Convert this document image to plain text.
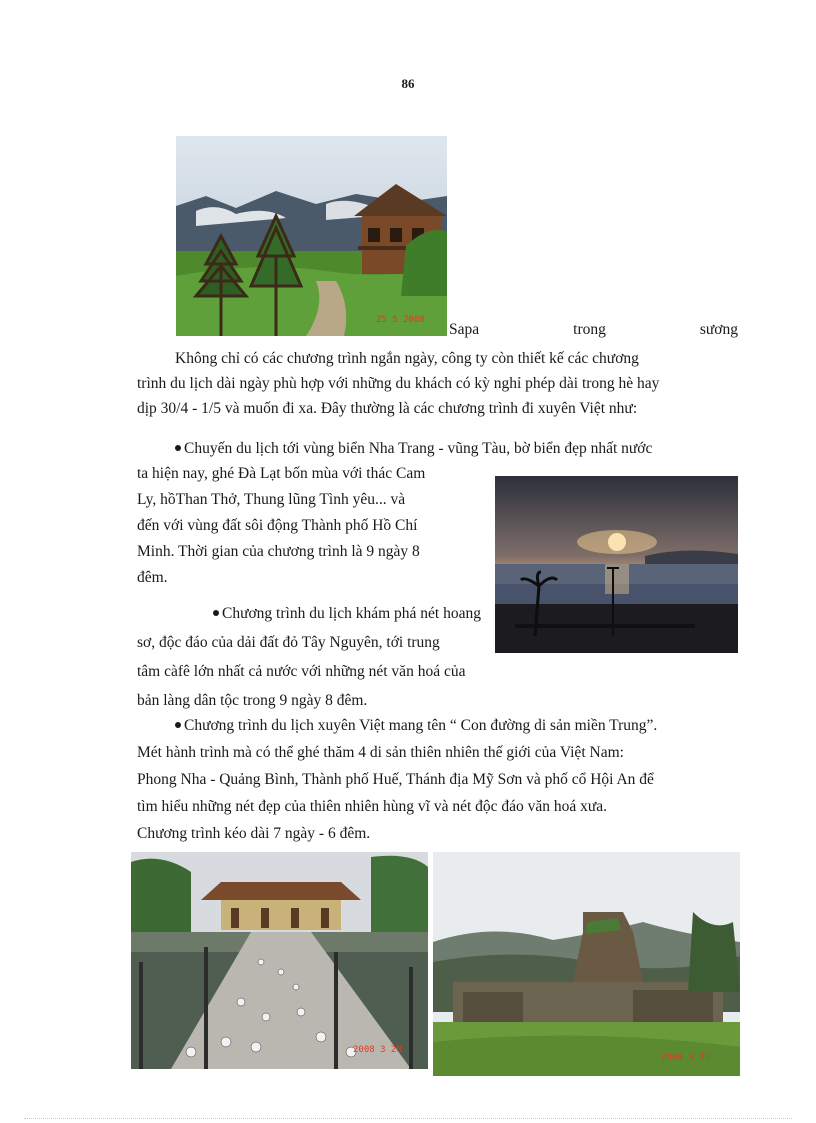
86
25 5 2008
Sapa	trong	sương
Không chỉ có các chương trình ngắn ngày, công ty còn thiết kế các chương
trình du lịch dài ngày phù hợp với những du khách có kỳ nghỉ phép dài trong hè hay
dịp 30/4 - 1/5 và muốn đi xa. Đây thường là các chương trình đi xuyên Việt như:
Chuyến du lịch tới vùng biển Nha Trang - vũng Tàu, bờ biển đẹp nhất nước
ta hiện nay, ghé Đà Lạt bốn mùa với thác Cam
Ly, hồThan Thở, Thung lũng Tình yêu... và
đến với vùng đất sôi động Thành phố Hồ Chí
Minh. Thời gian của chương trình là 9 ngày 8
đêm.
Chương trình du lịch khám phá nét hoang
sơ, độc đáo của dải đất đỏ Tây Nguyên, tới trung
tâm càfê lớn nhất cả nước với những nét văn hoá của
bản làng dân tộc trong 9 ngày 8 đêm.
Chương trình du lịch xuyên Việt mang tên “ Con đường di sản miền Trung”.
Mét hành trình mà có thể ghé thăm 4 di sản thiên nhiên thế giới của Việt Nam:
Phong Nha - Quảng Bình, Thành phố Huế, Thánh địa Mỹ Sơn và phố cổ Hội An để
tìm hiểu những nét đẹp của thiên nhiên hùng vĩ và nét độc đáo văn hoá xưa.
Chương trình kéo dài 7 ngày - 6 đêm.
2008 3 20
2008 3 21
